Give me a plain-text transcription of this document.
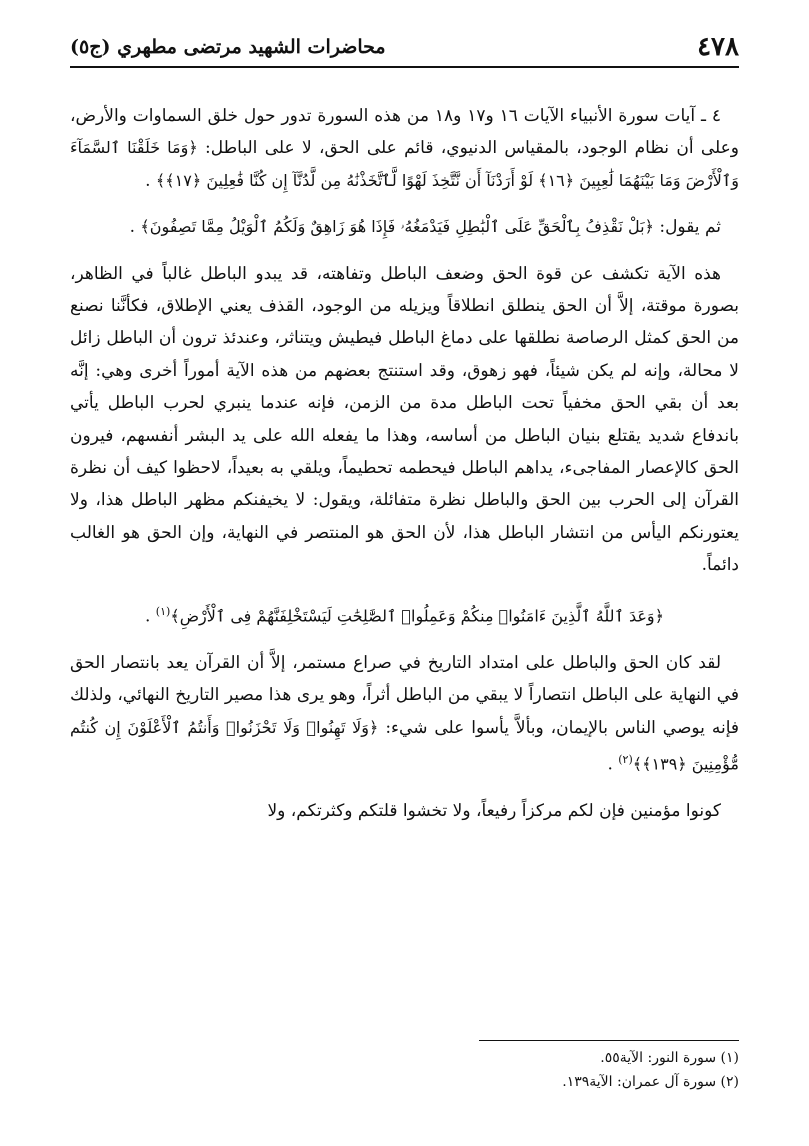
٤٧٨
محاضرات الشهيد مرتضى مطهري (ج٥)

٤ ـ آيات سورة الأنبياء الآيات ١٦ و١٧ و١٨ من هذه السورة تدور حول خلق السماوات والأرض، وعلى أن نظام الوجود، بالمقياس الدنيوي، قائم على الحق، لا على الباطل: ﴿وَمَا خَلَقْنَا ٱلسَّمَآءَ وَٱلْأَرْضَ وَمَا بَيْنَهُمَا لَٰعِبِينَ ﴿١٦﴾ لَوْ أَرَدْنَآ أَن نَّتَّخِذَ لَهْوًا لَّٱتَّخَذْنَٰهُ مِن لَّدُنَّآ إِن كُنَّا فَٰعِلِينَ ﴿١٧﴾﴾ .

ثم يقول: ﴿بَلْ نَقْذِفُ بِٱلْحَقِّ عَلَى ٱلْبَٰطِلِ فَيَدْمَغُهُۥ فَإِذَا هُوَ زَاهِقٌ وَلَكُمُ ٱلْوَيْلُ مِمَّا تَصِفُونَ﴾ .

هذه الآية تكشف عن قوة الحق وضعف الباطل وتفاهته، قد يبدو الباطل غالباً في الظاهر، بصورة موقتة، إلاَّ أن الحق ينطلق انطلاقاً ويزيله من الوجود، القذف يعني الإطلاق، فكأنَّنا نصنع من الحق كمثل الرصاصة نطلقها على دماغ الباطل فيطيش ويتناثر، وعندئذ ترون أن الباطل زائل لا محالة، وإنه لم يكن شيئاً، فهو زهوق، وقد استنتج بعضهم من هذه الآية أموراً أخرى وهي: إنَّه بعد أن بقي الحق مخفياً تحت الباطل مدة من الزمن، فإنه عندما ينبري لحرب الباطل يأتي باندفاع شديد يقتلع بنيان الباطل من أساسه، وهذا ما يفعله الله على يد البشر أنفسهم، فيرون الحق كالإعصار المفاجىء، يداهم الباطل فيحطمه تحطيماً، ويلقي به بعيداً، لاحظوا كيف أن نظرة القرآن إلى الحرب بين الحق والباطل نظرة متفائلة، ويقول: لا يخيفنكم مظهر الباطل هذا، ولا يعتورنكم اليأس من انتشار الباطل هذا، لأن الحق هو المنتصر في النهاية، وإن الحق هو الغالب دائماً.

﴿وَعَدَ ٱللَّهُ ٱلَّذِينَ ءَامَنُوا۟ مِنكُمْ وَعَمِلُوا۟ ٱلصَّٰلِحَٰتِ لَيَسْتَخْلِفَنَّهُمْ فِى ٱلْأَرْضِ﴾$^{(١)}$ .

لقد كان الحق والباطل على امتداد التاريخ في صراع مستمر، إلاَّ أن القرآن يعد بانتصار الحق في النهاية على الباطل انتصاراً لا يبقي من الباطل أثراً، وهو يرى هذا مصير التاريخ النهائي، ولذلك فإنه يوصي الناس بالإيمان، وبألاَّ يأسوا على شيء: ﴿وَلَا تَهِنُوا۟ وَلَا تَحْزَنُوا۟ وَأَنتُمُ ٱلْأَعْلَوْنَ إِن كُنتُم مُّؤْمِنِينَ ﴿١٣٩﴾﴾$^{(٢)}$ .

كونوا مؤمنين فإن لكم مركزاً رفيعاً، ولا تخشوا قلتكم وكثرتكم، ولا

(١) سورة النور: الآية٥٥.
(٢) سورة آل عمران: الآية١٣٩.
